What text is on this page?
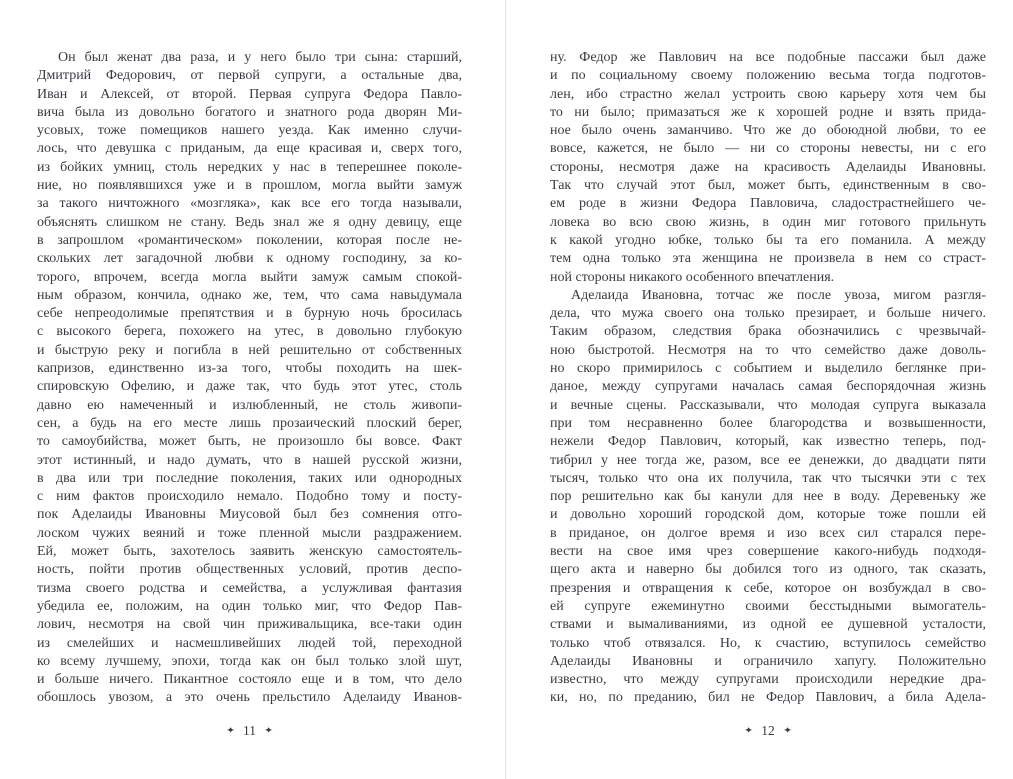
Он был женат два раза, и у него было три сына: старший,
Дмитрий Федорович, от первой супруги, а остальные два,
Иван и Алексей, от второй. Первая супруга Федора Павло-
вича была из довольно богатого и знатного рода дворян Ми-
усовых, тоже помещиков нашего уезда. Как именно случи-
лось, что девушка с приданым, да еще красивая и, сверх того,
из бойких умниц, столь нередких у нас в теперешнее поколе-
ние, но появлявшихся уже и в прошлом, могла выйти замуж
за такого ничтожного «мозгляка», как все его тогда называли,
объяснять слишком не стану. Ведь знал же я одну девицу, еще
в запрошлом «романтическом» поколении, которая после не-
скольких лет загадочной любви к одному господину, за ко-
торого, впрочем, всегда могла выйти замуж самым спокой-
ным образом, кончила, однако же, тем, что сама навыдумала
себе непреодолимые препятствия и в бурную ночь бросилась
с высокого берега, похожего на утес, в довольно глубокую
и быструю реку и погибла в ней решительно от собственных
капризов, единственно из-за того, чтобы походить на шек-
спировскую Офелию, и даже так, что будь этот утес, столь
давно ею намеченный и излюбленный, не столь живопи-
сен, а будь на его месте лишь прозаический плоский берег,
то самоубийства, может быть, не произошло бы вовсе. Факт
этот истинный, и надо думать, что в нашей русской жизни,
в два или три последние поколения, таких или однородных
с ним фактов происходило немало. Подобно тому и посту-
пок Аделаиды Ивановны Миусовой был без сомнения отго-
лоском чужих веяний и тоже пленной мысли раздражением.
Ей, может быть, захотелось заявить женскую самостоятель-
ность, пойти против общественных условий, против деспо-
тизма своего родства и семейства, а услужливая фантазия
убедила ее, положим, на один только миг, что Федор Пав-
лович, несмотря на свой чин приживальщика, все-таки один
из смелейших и насмешливейших людей той, переходной
ко всему лучшему, эпохи, тогда как он был только злой шут,
и больше ничего. Пикантное состояло еще и в том, что дело
обошлось увозом, а это очень прельстило Аделаиду Иванов-
✦ 11 ✦
ну. Федор же Павлович на все подобные пассажи был даже
и по социальному своему положению весьма тогда подготов-
лен, ибо страстно желал устроить свою карьеру хотя чем бы
то ни было; примазаться же к хорошей родне и взять прида-
ное было очень заманчиво. Что же до обоюдной любви, то ее
вовсе, кажется, не было — ни со стороны невесты, ни с его
стороны, несмотря даже на красивость Аделаиды Ивановны.
Так что случай этот был, может быть, единственным в сво-
ем роде в жизни Федора Павловича, сладострастнейшего че-
ловека во всю свою жизнь, в один миг готового прильнуть
к какой угодно юбке, только бы та его поманила. А между
тем одна только эта женщина не произвела в нем со страст-
ной стороны никакого особенного впечатления.
Аделаида Ивановна, тотчас же после увоза, мигом разгля-
дела, что мужа своего она только презирает, и больше ничего.
Таким образом, следствия брака обозначились с чрезвычай-
ною быстротой. Несмотря на то что семейство даже доволь-
но скоро примирилось с событием и выделило беглянке при-
даное, между супругами началась самая беспорядочная жизнь
и вечные сцены. Рассказывали, что молодая супруга выказала
при том несравненно более благородства и возвышенности,
нежели Федор Павлович, который, как известно теперь, под-
тибрил у нее тогда же, разом, все ее денежки, до двадцати пяти
тысяч, только что она их получила, так что тысячки эти с тех
пор решительно как бы канули для нее в воду. Деревеньку же
и довольно хороший городской дом, которые тоже пошли ей
в приданое, он долгое время и изо всех сил старался пере-
вести на свое имя чрез совершение какого-нибудь подходя-
щего акта и наверно бы добился того из одного, так сказать,
презрения и отвращения к себе, которое он возбуждал в сво-
ей супруге ежеминутно своими бесстыдными вымогатель-
ствами и вымаливаниями, из одной ее душевной усталости,
только чтоб отвязался. Но, к счастию, вступилось семейство
Аделаиды Ивановны и ограничило хапугу. Положительно
известно, что между супругами происходили нередкие дра-
ки, но, по преданию, бил не Федор Павлович, а била Адела-
✦ 12 ✦
